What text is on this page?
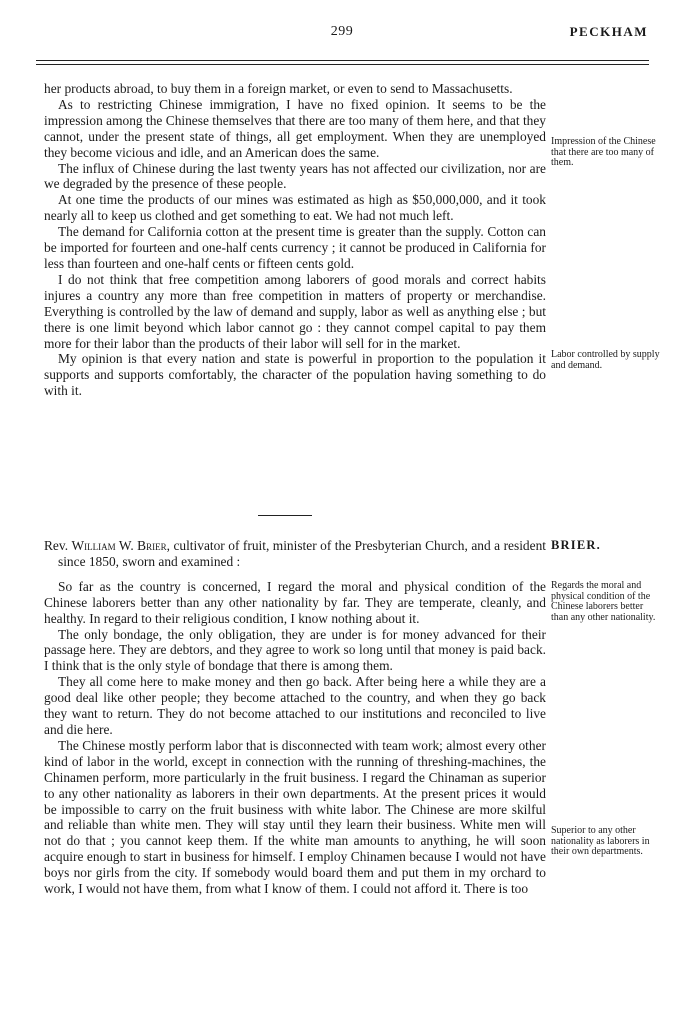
299	PECKHAM

her products abroad, to buy them in a foreign market, or even to send to Massachusetts.

As to restricting Chinese immigration, I have no fixed opinion. It seems to be the impression among the Chinese themselves that there are too many of them here, and that they cannot, under the present state of things, all get employment. When they are unemployed they become vicious and idle, and an American does the same.

The influx of Chinese during the last twenty years has not affected our civilization, nor are we degraded by the presence of these people.

At one time the products of our mines was estimated as high as $50,000,000, and it took nearly all to keep us clothed and get something to eat. We had not much left.

The demand for California cotton at the present time is greater than the supply. Cotton can be imported for fourteen and one-half cents currency ; it cannot be produced in California for less than fourteen and one-half cents or fifteen cents gold.

I do not think that free competition among laborers of good morals and correct habits injures a country any more than free competition in matters of property or merchandise. Everything is controlled by the law of demand and supply, labor as well as anything else ; but there is one limit beyond which labor cannot go : they cannot compel capital to pay them more for their labor than the products of their labor will sell for in the market.

My opinion is that every nation and state is powerful in proportion to the population it supports and supports comfortably, the character of the population having something to do with it.

Rev. William W. Brier, cultivator of fruit, minister of the Presbyterian Church, and a resident since 1850, sworn and examined :

So far as the country is concerned, I regard the moral and physical condition of the Chinese laborers better than any other nationality by far. They are temperate, cleanly, and healthy. In regard to their religious condition, I know nothing about it.

The only bondage, the only obligation, they are under is for money advanced for their passage here. They are debtors, and they agree to work so long until that money is paid back. I think that is the only style of bondage that there is among them.

They all come here to make money and then go back. After being here a while they are a good deal like other people; they become attached to the country, and when they go back they want to return. They do not become attached to our institutions and reconciled to live and die here.

The Chinese mostly perform labor that is disconnected with team work; almost every other kind of labor in the world, except in connection with the running of threshing-machines, the Chinamen perform, more particularly in the fruit business. I regard the Chinaman as superior to any other nationality as laborers in their own departments. At the present prices it would be impossible to carry on the fruit business with white labor. The Chinese are more skilful and reliable than white men. They will stay until they learn their business. White men will not do that ; you cannot keep them. If the white man amounts to anything, he will soon acquire enough to start in business for himself. I employ Chinamen because I would not have boys nor girls from the city. If somebody would board them and put them in my orchard to work, I would not have them, from what I know of them. I could not afford it. There is too

BRIER.
Impression of the Chinese that there are too many of them.
Labor controlled by supply and demand.
Regards the moral and physical condition of the Chinese laborers better than any other nationality.
Superior to any other nationality as laborers in their own departments.
